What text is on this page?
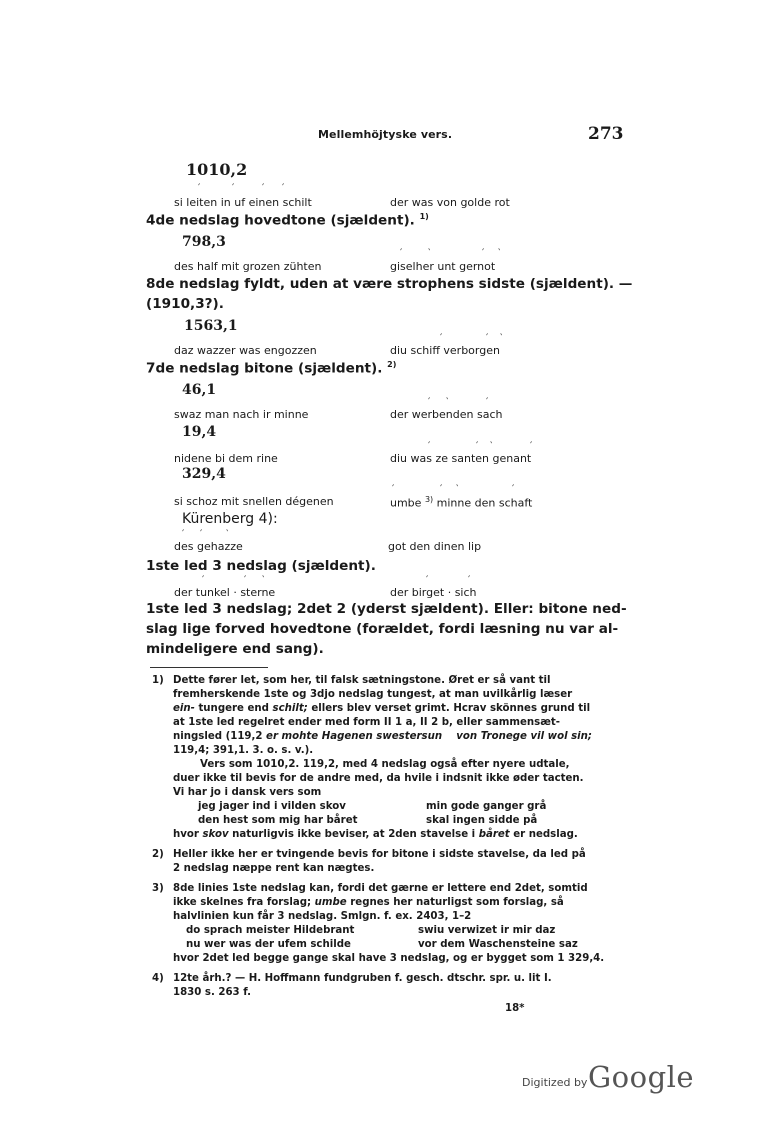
Mellemhöjtyske vers.	273
1010,2
′	′	′ ′
si leiten in uf einen schilt	der was von golde rot
4de nedslag hovedtone (sjældent). $^{1)}$
798,3
′	‵	′ ‵
des half mit grozen zühten	giselher unt gernot
8de nedslag fyldt, uden at være strophens sidste (sjældent). —
(1910,3?).
1563,1
′	′ ‵
daz wazzer was engozzen	diu schiff verborgen
7de nedslag bitone (sjældent). $^{2)}$
46,1
′ ‵	′
swaz man nach ir minne	der werbenden sach
19,4
′	′ ‵	′
nidene bi dem rine	diu was ze santen genant
329,4
′	′ ‵	′
si schoz mit snellen dégenen	umbe $^{3)}$ minne den schaft
Kürenberg 4):
′ ′ ‵
des gehazze	got den dinen lip
1ste led 3 nedslag (sjældent).
′	′ ‵	′	′
der tunkel · sterne	der birget · sich
1ste led 3 nedslag; 2det 2 (yderst sjældent). Eller: bitone ned-
slag lige forved hovedtone (forældet, fordi læsning nu var al-
mindeligere end sang).
1) Dette fører let, som her, til falsk sætningstone. Øret er så vant til
fremherskende 1ste og 3djo nedslag tungest, at man uvilkårlig læser
ein- tungere end schilt; ellers blev verset grimt. Hcrav skönnes grund til
at 1ste led regelret ender med form II 1 a, II 2 b, eller sammensæt-
ningsled (119,2 er mohte Hagenen swestersun von Tronege vil wol sin;
119,4; 391,1. 3. o. s. v.).
Vers som 1010,2. 119,2, med 4 nedslag også efter nyere udtale,
duer ikke til bevis for de andre med, da hvile i indsnit ikke øder tacten.
Vi har jo i dansk vers som
jeg jager ind i vilden skov	min gode ganger grå
den hest som mig har båret	skal ingen sidde på
hvor skov naturligvis ikke beviser, at 2den stavelse i båret er nedslag.
2) Heller ikke her er tvingende bevis for bitone i sidste stavelse, da led på
2 nedslag næppe rent kan nægtes.
3) 8de linies 1ste nedslag kan, fordi det gærne er lettere end 2det, somtid
ikke skelnes fra forslag; umbe regnes her naturligst som forslag, så
halvlinien kun får 3 nedslag. Smlgn. f. ex. 2403, 1–2
do sprach meister Hildebrant	swiu verwizet ir mir daz
nu wer was der ufem schilde	vor dem Waschensteine saz
hvor 2det led begge gange skal have 3 nedslag, og er bygget som 1 329,4.
4) 12te årh.? — H. Hoffmann fundgruben f. gesch. dtschr. spr. u. lit I.
1830 s. 263 f.
18*
Digitized by Google
